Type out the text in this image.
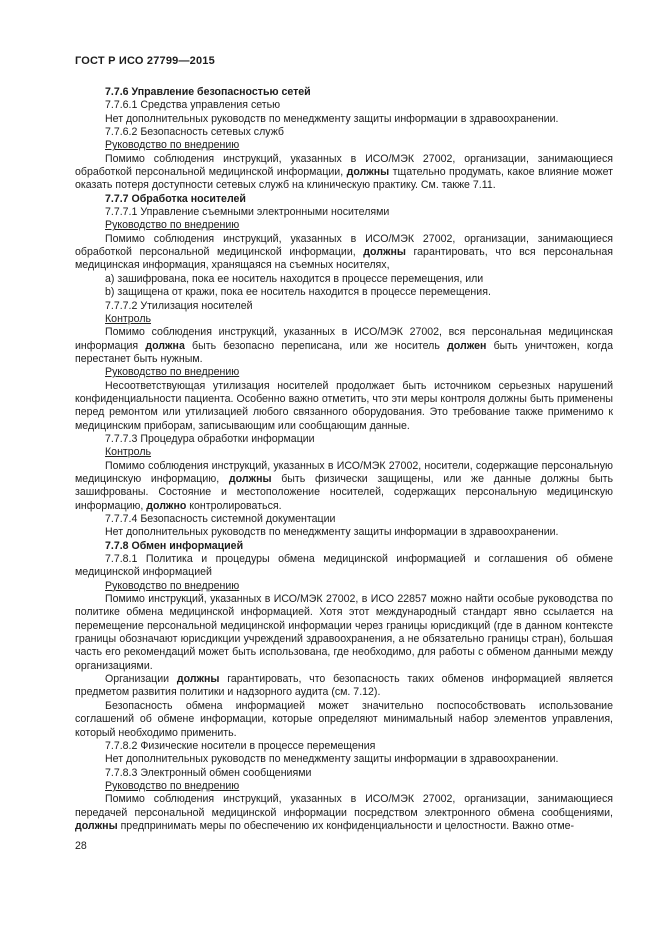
ГОСТ Р ИСО 27799—2015

7.7.6 Управление безопасностью сетей

7.7.6.1 Средства управления сетью

Нет дополнительных руководств по менеджменту защиты информации в здравоохранении.

7.7.6.2 Безопасность сетевых служб

Руководство по внедрению

Помимо соблюдения инструкций, указанных в ИСО/МЭК 27002, организации, занимающиеся обработкой персональной медицинской информации, должны тщательно продумать, какое влияние может оказать потеря доступности сетевых служб на клиническую практику. См. также 7.11.

7.7.7 Обработка носителей

7.7.7.1 Управление съемными электронными носителями

Руководство по внедрению

Помимо соблюдения инструкций, указанных в ИСО/МЭК 27002, организации, занимающиеся обработкой персональной медицинской информации, должны гарантировать, что вся персональная медицинская информация, хранящаяся на съемных носителях,

a) зашифрована, пока ее носитель находится в процессе перемещения, или

b) защищена от кражи, пока ее носитель находится в процессе перемещения.

7.7.7.2 Утилизация носителей

Контроль

Помимо соблюдения инструкций, указанных в ИСО/МЭК 27002, вся персональная медицинская информация должна быть безопасно переписана, или же носитель должен быть уничтожен, когда перестанет быть нужным.

Руководство по внедрению

Несоответствующая утилизация носителей продолжает быть источником серьезных нарушений конфиденциальности пациента. Особенно важно отметить, что эти меры контроля должны быть применены перед ремонтом или утилизацией любого связанного оборудования. Это требование также применимо к медицинским приборам, записывающим или сообщающим данные.

7.7.7.3 Процедура обработки информации

Контроль

Помимо соблюдения инструкций, указанных в ИСО/МЭК 27002, носители, содержащие персональную медицинскую информацию, должны быть физически защищены, или же данные должны быть зашифрованы. Состояние и местоположение носителей, содержащих персональную медицинскую информацию, должно контролироваться.

7.7.7.4 Безопасность системной документации

Нет дополнительных руководств по менеджменту защиты информации в здравоохранении.

7.7.8 Обмен информацией

7.7.8.1 Политика и процедуры обмена медицинской информацией и соглашения об обмене медицинской информацией

Руководство по внедрению

Помимо инструкций, указанных в ИСО/МЭК 27002, в ИСО 22857 можно найти особые руководства по политике обмена медицинской информацией. Хотя этот международный стандарт явно ссылается на перемещение персональной медицинской информации через границы юрисдикций (где в данном контексте границы обозначают юрисдикции учреждений здравоохранения, а не обязательно границы стран), большая часть его рекомендаций может быть использована, где необходимо, для работы с обменом данными между организациями.

Организации должны гарантировать, что безопасность таких обменов информацией является предметом развития политики и надзорного аудита (см. 7.12).

Безопасность обмена информацией может значительно поспособствовать использование соглашений об обмене информации, которые определяют минимальный набор элементов управления, который необходимо применить.

7.7.8.2 Физические носители в процессе перемещения

Нет дополнительных руководств по менеджменту защиты информации в здравоохранении.

7.7.8.3 Электронный обмен сообщениями

Руководство по внедрению

Помимо соблюдения инструкций, указанных в ИСО/МЭК 27002, организации, занимающиеся передачей персональной медицинской информации посредством электронного обмена сообщениями, должны предпринимать меры по обеспечению их конфиденциальности и целостности. Важно отме-

28
